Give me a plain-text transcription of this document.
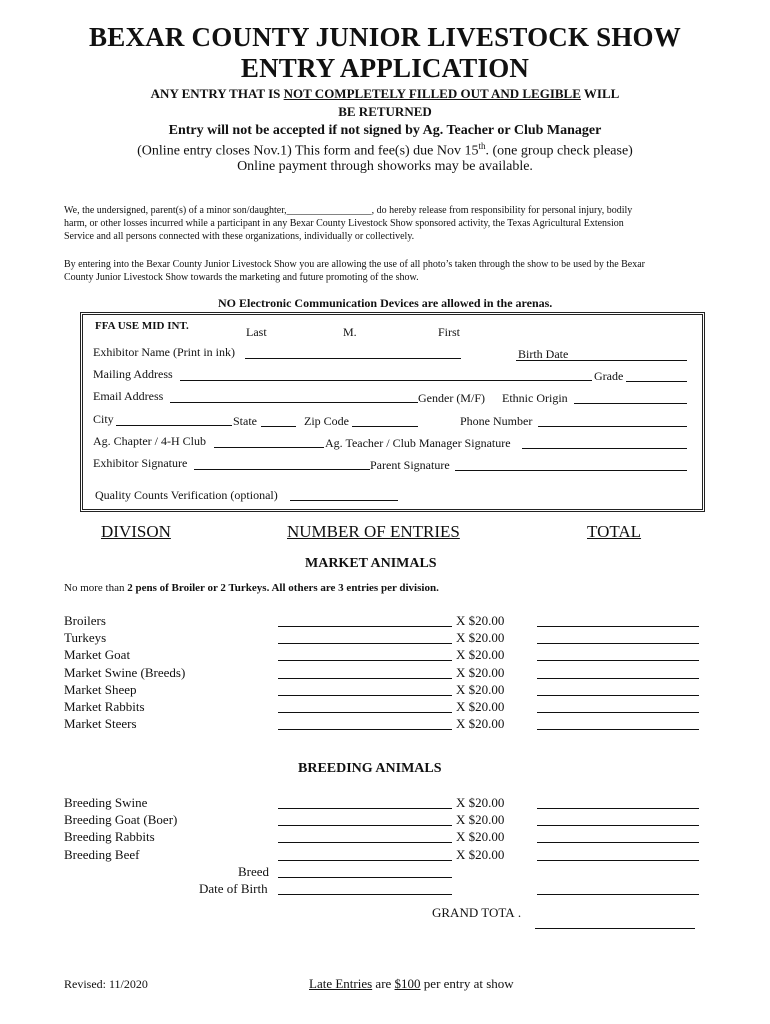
BEXAR COUNTY JUNIOR LIVESTOCK SHOW
ENTRY APPLICATION
ANY ENTRY THAT IS NOT COMPLETELY FILLED OUT AND LEGIBLE WILL
BE RETURNED
Entry will not be accepted if not signed by Ag. Teacher or Club Manager
(Online entry closes Nov.1) This form and fee(s) due Nov 15th. (one group check please)
Online payment through showorks may be available.
We, the undersigned, parent(s) of a minor son/daughter,_________________, do hereby release from responsibility for personal injury, bodily
harm, or other losses incurred while a participant in any Bexar County Livestock Show sponsored activity, the Texas Agricultural Extension
Service and all persons connected with these organizations, individually or collectively.
By entering into the Bexar County Junior Livestock Show you are allowing the use of all photo’s taken through the show to be used by the Bexar
County Junior Livestock Show towards the marketing and future promoting of the show.
NO Electronic Communication Devices are allowed in the arenas.
FFA USE MID INT.	Last	M.	First
Exhibitor Name (Print in ink)	Birth Date
Mailing Address	Grade
Email Address	Gender (M/F) Ethnic Origin
City	State	Zip Code	Phone Number
Ag. Chapter / 4-H Club	Ag. Teacher / Club Manager Signature
Exhibitor Signature	Parent Signature
Quality Counts Verification (optional)
DIVISON	NUMBER OF ENTRIES	TOTAL
MARKET ANIMALS
No more than 2 pens of Broiler or 2 Turkeys. All others are 3 entries per division.
Broilers	X $20.00
Turkeys	X $20.00
Market Goat	X $20.00
Market Swine (Breeds)	X $20.00
Market Sheep	X $20.00
Market Rabbits	X $20.00
Market Steers	X $20.00
BREEDING ANIMALS
Breeding Swine	X $20.00
Breeding Goat (Boer)	X $20.00
Breeding Rabbits	X $20.00
Breeding Beef	X $20.00
Breed
Date of Birth
GRAND TOTA .
Revised: 11/2020	Late Entries are $100 per entry at show
